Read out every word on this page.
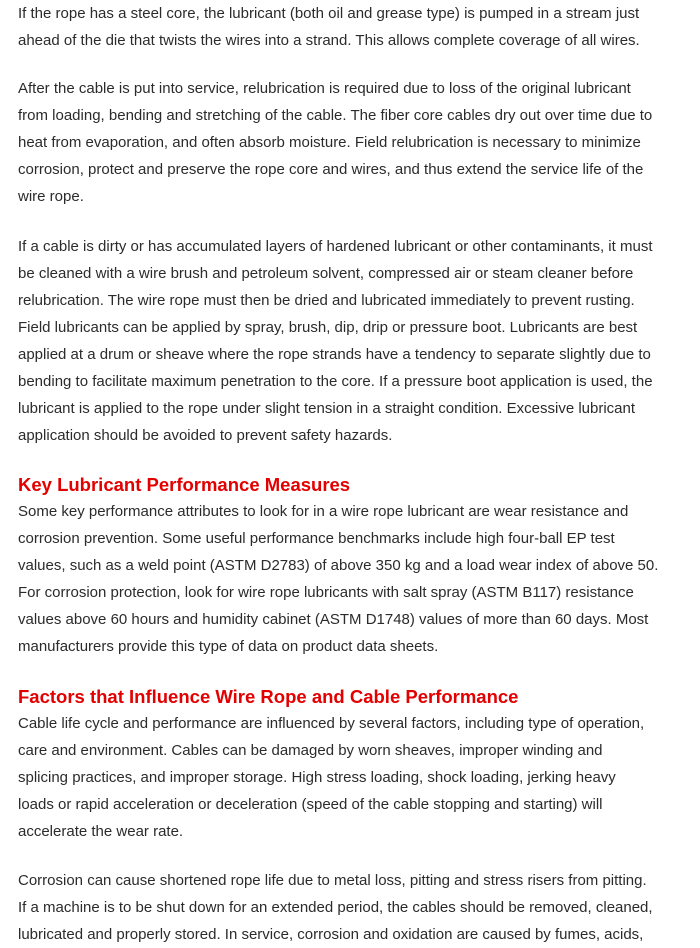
If the rope has a steel core, the lubricant (both oil and grease type) is pumped in a stream just
ahead of the die that twists the wires into a strand. This allows complete coverage of all wires.

After the cable is put into service, relubrication is required due to loss of the original lubricant
from loading, bending and stretching of the cable. The fiber core cables dry out over time due to
heat from evaporation, and often absorb moisture. Field relubrication is necessary to minimize
corrosion, protect and preserve the rope core and wires, and thus extend the service life of the
wire rope.

If a cable is dirty or has accumulated layers of hardened lubricant or other contaminants, it must
be cleaned with a wire brush and petroleum solvent, compressed air or steam cleaner before
relubrication. The wire rope must then be dried and lubricated immediately to prevent rusting.
Field lubricants can be applied by spray, brush, dip, drip or pressure boot. Lubricants are best
applied at a drum or sheave where the rope strands have a tendency to separate slightly due to
bending to facilitate maximum penetration to the core. If a pressure boot application is used, the
lubricant is applied to the rope under slight tension in a straight condition. Excessive lubricant
application should be avoided to prevent safety hazards.

Key Lubricant Performance Measures

Some key performance attributes to look for in a wire rope lubricant are wear resistance and
corrosion prevention. Some useful performance benchmarks include high four-ball EP test
values, such as a weld point (ASTM D2783) of above 350 kg and a load wear index of above 50.
For corrosion protection, look for wire rope lubricants with salt spray (ASTM B117) resistance
values above 60 hours and humidity cabinet (ASTM D1748) values of more than 60 days. Most
manufacturers provide this type of data on product data sheets.

Factors that Influence Wire Rope and Cable Performance

Cable life cycle and performance are influenced by several factors, including type of operation,
care and environment. Cables can be damaged by worn sheaves, improper winding and
splicing practices, and improper storage. High stress loading, shock loading, jerking heavy
loads or rapid acceleration or deceleration (speed of the cable stopping and starting) will
accelerate the wear rate.

Corrosion can cause shortened rope life due to metal loss, pitting and stress risers from pitting.
If a machine is to be shut down for an extended period, the cables should be removed, cleaned,
lubricated and properly stored. In service, corrosion and oxidation are caused by fumes, acids,
